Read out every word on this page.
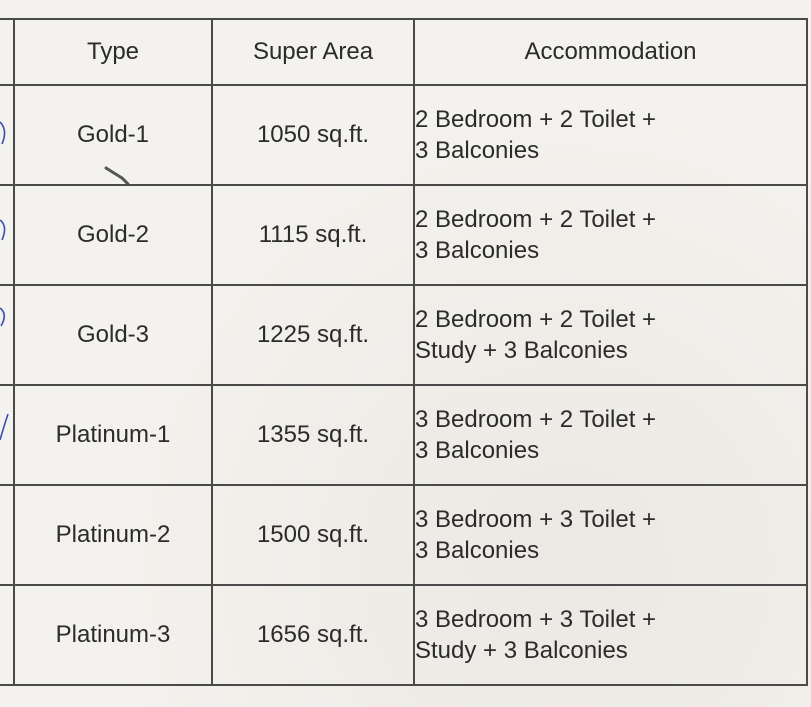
	Type	Super Area	Accommodation
	Gold-1	1050 sq.ft.	2 Bedroom + 2 Toilet +
3 Balconies

	Gold-2	1115 sq.ft.	2 Bedroom + 2 Toilet +
3 Balconies

	Gold-3	1225 sq.ft.	2 Bedroom + 2 Toilet +
Study + 3 Balconies

	Platinum-1	1355 sq.ft.	3 Bedroom + 2 Toilet +
3 Balconies

	Platinum-2	1500 sq.ft.	3 Bedroom + 3 Toilet +
3 Balconies

	Platinum-3	1656 sq.ft.	3 Bedroom + 3 Toilet +
Study + 3 Balconies
